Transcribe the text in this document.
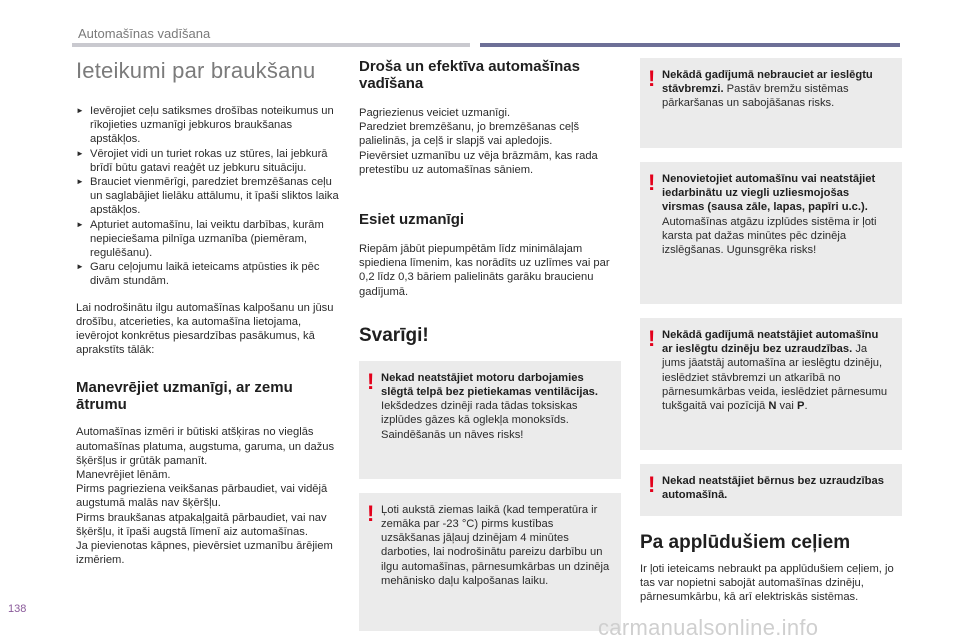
Automašīnas vadīšana
Ieteikumi par braukšanu
► Ievērojiet ceļu satiksmes drošības noteikumus un rīkojieties uzmanīgi jebkuros braukšanas apstākļos.
► Vērojiet vidi un turiet rokas uz stūres, lai jebkurā brīdī būtu gatavi reaģēt uz jebkuru situāciju.
► Brauciet vienmērīgi, paredziet bremzēšanas ceļu un saglabājiet lielāku attālumu, it īpaši sliktos laika apstākļos.
► Apturiet automašīnu, lai veiktu darbības, kurām nepieciešama pilnīga uzmanība (piemēram, regulēšanu).
► Garu ceļojumu laikā ieteicams atpūsties ik pēc divām stundām.

Lai nodrošinātu ilgu automašīnas kalpošanu un jūsu drošību, atcerieties, ka automašīna lietojama, ievērojot konkrētus piesardzības pasākumus, kā aprakstīts tālāk:

Manevrējiet uzmanīgi, ar zemu ātrumu

Automašīnas izmēri ir būtiski atšķiras no vieglās automašīnas platuma, augstuma, garuma, un dažus šķēršļus ir grūtāk pamanīt.
Manevrējiet lēnām.
Pirms pagrieziena veikšanas pārbaudiet, vai vidējā augstumā malās nav šķēršļu.
Pirms braukšanas atpakaļgaitā pārbaudiet, vai nav šķēršļu, it īpaši augstā līmenī aiz automašīnas.
Ja pievienotas kāpnes, pievērsiet uzmanību ārējiem izmēriem.

Droša un efektīva automašīnas vadīšana

Pagriezienus veiciet uzmanīgi.
Paredziet bremzēšanu, jo bremzēšanas ceļš palielinās, ja ceļš ir slapjš vai apledojis.
Pievērsiet uzmanību uz vēja brāzmām, kas rada pretestību uz automašīnas sāniem.

Esiet uzmanīgi

Riepām jābūt piepumpētām līdz minimālajam spiediena līmenim, kas norādīts uz uzlīmes vai par 0,2 līdz 0,3 bāriem palielināts garāku braucienu gadījumā.

Svarīgi!
! Nekad neatstājiet motoru darbojamies slēgtā telpā bez pietiekamas ventilācijas. Iekšdedzes dzinēji rada tādas toksiskas izplūdes gāzes kā oglekļa monoksīds. Saindēšanās un nāves risks!
! Ļoti aukstā ziemas laikā (kad temperatūra ir zemāka par -23 °C) pirms kustības uzsākšanas jāļauj dzinējam 4 minūtes darboties, lai nodrošinātu pareizu darbību un ilgu automašīnas, pārnesumkārbas un dzinēja mehānisko daļu kalpošanas laiku.
! Nekādā gadījumā nebrauciet ar ieslēgtu stāvbremzi. Pastāv bremžu sistēmas pārkaršanas un sabojāšanas risks.
! Nenovietojiet automašīnu vai neatstājiet iedarbinātu uz viegli uzliesmojošas virsmas (sausa zāle, lapas, papīri u.c.). Automašīnas atgāzu izplūdes sistēma ir ļoti karsta pat dažas minūtes pēc dzinēja izslēgšanas. Ugunsgrēka risks!
! Nekādā gadījumā neatstājiet automašīnu ar ieslēgtu dzinēju bez uzraudzības. Ja jums jāatstāj automašīna ar ieslēgtu dzinēju, ieslēdziet stāvbremzi un atkarībā no pārnesumkārbas veida, ieslēdziet pārnesumu tukšgaitā vai pozīcijā N vai P.
! Nekad neatstājiet bērnus bez uzraudzības automašīnā.
Pa applūdušiem ceļiem

Ir ļoti ieteicams nebraukt pa applūdušiem ceļiem, jo tas var nopietni sabojāt automašīnas dzinēju, pārnesumkārbu, kā arī elektriskās sistēmas.

138
carmanualsonline.info
